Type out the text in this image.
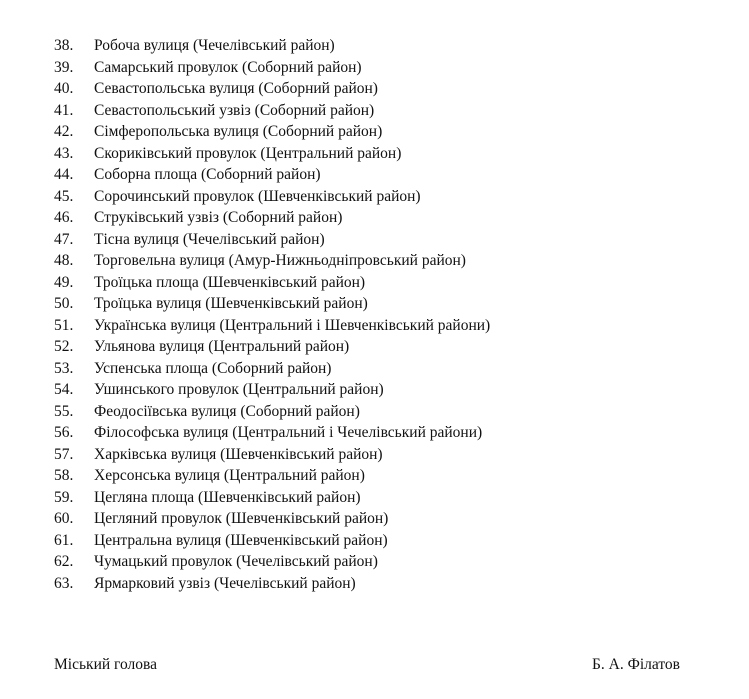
38.	Робоча вулиця (Чечелівський район)
39.	Самарський провулок (Соборний район)
40.	Севастопольська вулиця (Соборний район)
41.	Севастопольський узвіз (Соборний район)
42.	Сімферопольська вулиця (Соборний район)
43.	Скориківський провулок (Центральний район)
44.	Соборна площа (Соборний район)
45.	Сорочинський провулок (Шевченківський район)
46.	Струківський узвіз (Соборний район)
47.	Тісна вулиця (Чечелівський район)
48.	Торговельна вулиця (Амур-Нижньодніпровський район)
49.	Троїцька площа (Шевченківський район)
50.	Троїцька вулиця (Шевченківський район)
51.	Українська вулиця (Центральний і Шевченківський райони)
52.	Ульянова вулиця (Центральний район)
53.	Успенська площа (Соборний район)
54.	Ушинського провулок (Центральний район)
55.	Феодосіївська вулиця (Соборний район)
56.	Філософська вулиця (Центральний і Чечелівський райони)
57.	Харківська вулиця (Шевченківський район)
58.	Херсонська вулиця (Центральний район)
59.	Цегляна площа (Шевченківський район)
60.	Цегляний провулок (Шевченківський район)
61.	Центральна вулиця (Шевченківський район)
62.	Чумацький провулок (Чечелівський район)
63.	Ярмарковий узвіз (Чечелівський район)
Міський голова	Б. А. Філатов
